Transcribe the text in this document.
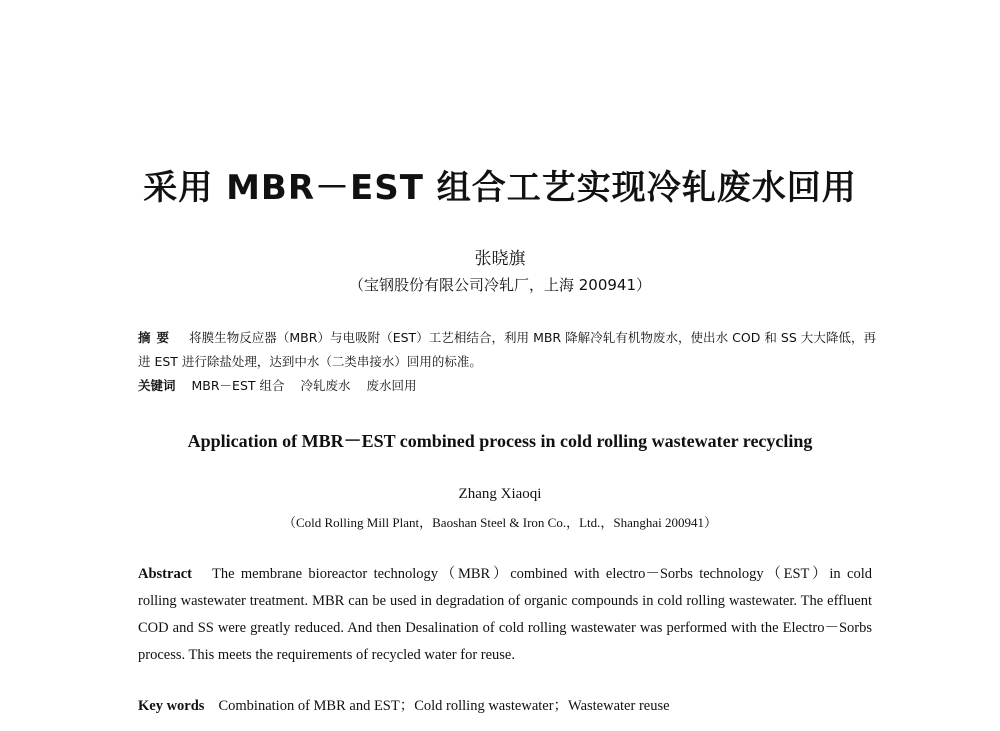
采用 MBR－EST 组合工艺实现冷轧废水回用
张晓旗
（宝钢股份有限公司冷轧厂，上海 200941）
摘要 将膜生物反应器（MBR）与电吸附（EST）工艺相结合，利用 MBR 降解冷轧有机物废水，使出水 COD 和 SS 大大降低，再进 EST 进行除盐处理，达到中水（二类串接水）回用的标准。
关键词 MBR－EST 组合 冷轧废水 废水回用
Application of MBR－EST combined process in cold rolling wastewater recycling
Zhang Xiaoqi
（Cold Rolling Mill Plant，Baoshan Steel & Iron Co.，Ltd.，Shanghai 200941）
Abstract The membrane bioreactor technology（MBR）combined with electro－Sorbs technology（EST）in cold rolling wastewater treatment. MBR can be used in degradation of organic compounds in cold rolling wastewater. The effluent COD and SS were greatly reduced. And then Desalination of cold rolling wastewater was performed with the Electro－Sorbs process. This meets the requirements of recycled water for reuse.
Key words Combination of MBR and EST；Cold rolling wastewater；Wastewater reuse
